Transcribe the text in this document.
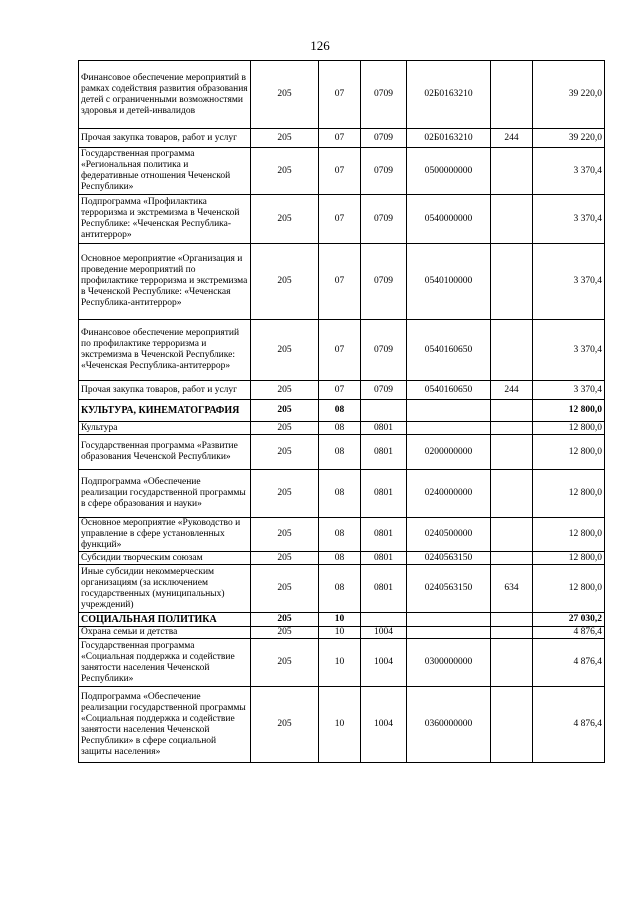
126
Финансовое обеспечение мероприятий в рамках содействия развития образования детей с ограниченными возможностями здоровья и детей-инвалидов	205	07	0709	02Б0163210		39 220,0
Прочая закупка товаров, работ и услуг	205	07	0709	02Б0163210	244	39 220,0
Государственная программа «Региональная политика и федеративные отношения Чеченской Республики»	205	07	0709	0500000000		3 370,4
Подпрограмма «Профилактика терроризма и экстремизма в Чеченской Республике: «Чеченская Республика-антитеррор»	205	07	0709	0540000000		3 370,4
Основное мероприятие «Организация и проведение мероприятий по профилактике терроризма и экстремизма в Чеченской Республике: «Чеченская Республика-антитеррор»	205	07	0709	0540100000		3 370,4
Финансовое обеспечение мероприятий по профилактике терроризма и экстремизма в Чеченской Республике: «Чеченская Республика-антитеррор»	205	07	0709	0540160650		3 370,4
Прочая закупка товаров, работ и услуг	205	07	0709	0540160650	244	3 370,4
КУЛЬТУРА, КИНЕМАТОГРАФИЯ	205	08				12 800,0
Культура	205	08	0801			12 800,0
Государственная программа «Развитие образования Чеченской Республики»	205	08	0801	0200000000		12 800,0
Подпрограмма «Обеспечение реализации государственной программы в сфере образования и науки»	205	08	0801	0240000000		12 800,0
Основное мероприятие «Руководство и управление в сфере установленных функций»	205	08	0801	0240500000		12 800,0
Субсидии творческим союзам	205	08	0801	0240563150		12 800,0
Иные субсидии некоммерческим организациям (за исключением государственных (муниципальных) учреждений)	205	08	0801	0240563150	634	12 800,0
СОЦИАЛЬНАЯ ПОЛИТИКА	205	10				27 030,2
Охрана семьи и детства	205	10	1004			4 876,4
Государственная программа «Социальная поддержка и содействие занятости населения Чеченской Республики»	205	10	1004	0300000000		4 876,4
Подпрограмма «Обеспечение реализации государственной программы «Социальная поддержка и содействие занятости населения Чеченской Республики» в сфере социальной защиты населения»	205	10	1004	0360000000		4 876,4
